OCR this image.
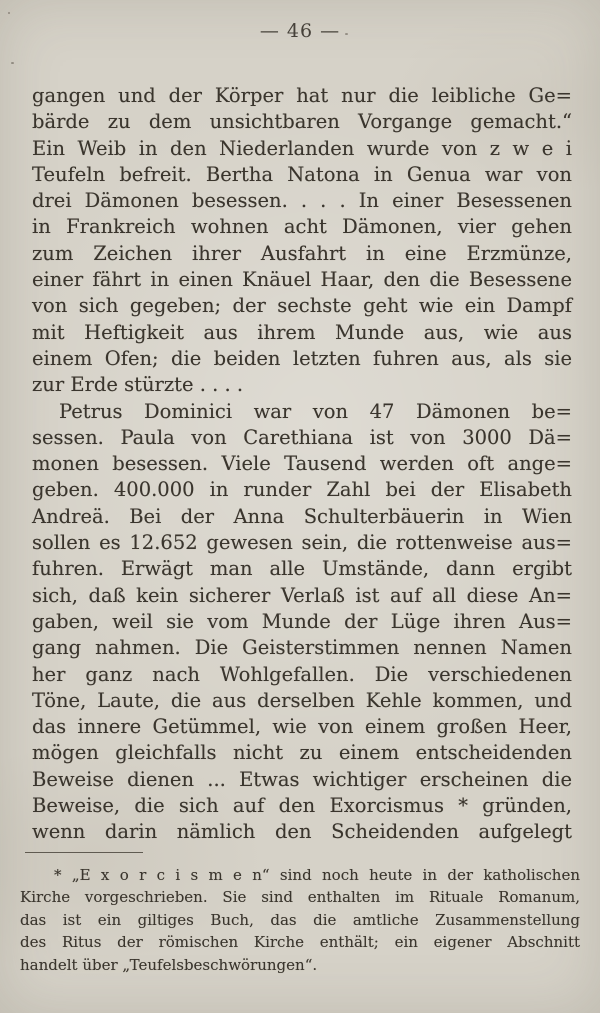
— 46 —
gangen und der Körper hat nur die leibliche Ge=
bärde zu dem unsichtbaren Vorgange gemacht.“
Ein Weib in den Niederlanden wurde von z w e i
Teufeln befreit. Bertha Natona in Genua war von
drei Dämonen besessen. . . . In einer Besessenen
in Frankreich wohnen acht Dämonen, vier gehen
zum Zeichen ihrer Ausfahrt in eine Erzmünze,
einer fährt in einen Knäuel Haar, den die Besessene
von sich gegeben; der sechste geht wie ein Dampf
mit Heftigkeit aus ihrem Munde aus, wie aus
einem Ofen; die beiden letzten fuhren aus, als sie
zur Erde stürzte . . . .
Petrus Dominici war von 47 Dämonen be=
sessen. Paula von Carethiana ist von 3000 Dä=
monen besessen. Viele Tausend werden oft ange=
geben. 400.000 in runder Zahl bei der Elisabeth
Andreä. Bei der Anna Schulterbäuerin in Wien
sollen es 12.652 gewesen sein, die rottenweise aus=
fuhren. Erwägt man alle Umstände, dann ergibt
sich, daß kein sicherer Verlaß ist auf all diese An=
gaben, weil sie vom Munde der Lüge ihren Aus=
gang nahmen. Die Geisterstimmen nennen Namen
her ganz nach Wohlgefallen. Die verschiedenen
Töne, Laute, die aus derselben Kehle kommen, und
das innere Getümmel, wie von einem großen Heer,
mögen gleichfalls nicht zu einem entscheidenden
Beweise dienen ... Etwas wichtiger erscheinen die
Beweise, die sich auf den Exorcismus * gründen,
wenn darin nämlich den Scheidenden aufgelegt
* „E x o r c i s m e n“ sind noch heute in der katholischen
Kirche vorgeschrieben. Sie sind enthalten im Rituale Romanum,
das ist ein giltiges Buch, das die amtliche Zusammenstellung
des Ritus der römischen Kirche enthält; ein eigener Abschnitt
handelt über „Teufelsbeschwörungen“.
